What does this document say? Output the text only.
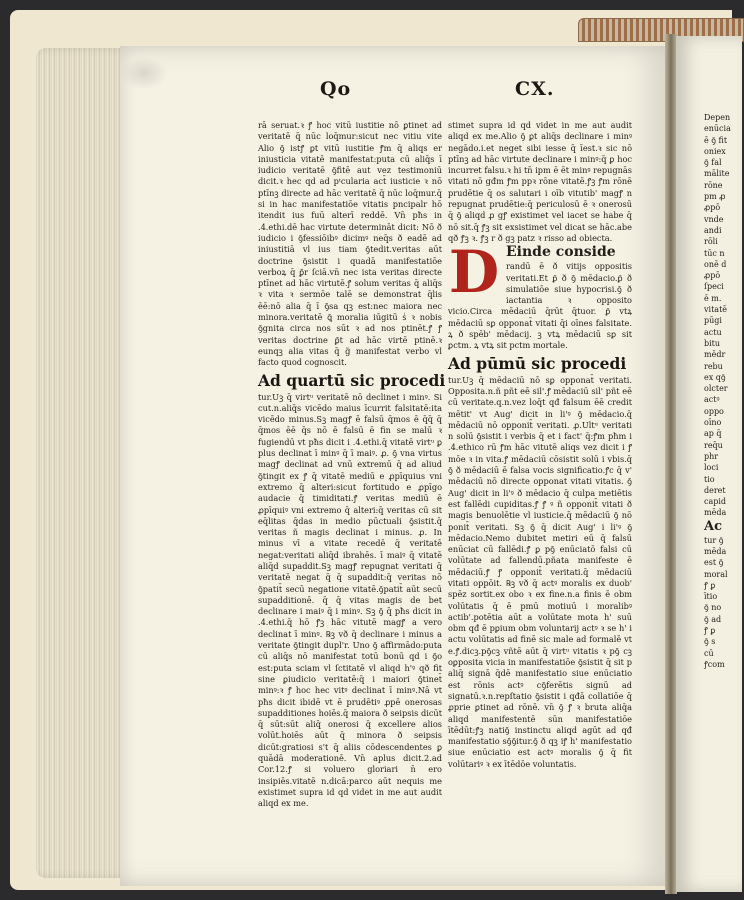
Qo	CX.

rā seruat.ꝛ ꝭ hoc vitū iustitie nō ꝑtinet ad veritatē q̄ nūc loq̄mur:sicut nec vitiu vite Alio ꝯ̄ istꝭ ꝑt vitū iustitie ꝭm q̄ aliqs er iniusticia vitatē manifestat:puta cū aliq̄s ī iudicio veritatē ꝯ̄fitē aut vez testimoniū dicit.ꝛ hec qd ad pᵗcularia act̄ iusticie ꝛ nō ptīnꝫ directe ad hāc veritatē q̄ nūc loq̄mur.q̄ si in hac manifestatiōe vitatis pncipalr hō itendit ius fuū alterī reddē. Vn̄ pħs in .4.ethi.dē hac virtute determināt dicit: Nō ð iudicio i ꝯ̄fessiōibꝰ dicimꝰ neq̄s ð eadē ad iniustitiā vl ius tiam ꝯ̄tedit.veritas aūt doctrine ꝯ̄sistit i quadā manifestatiōe verboꝝ q̄ ꝑ̄r ſciā.vn̄ nec ista veritas directe ptīnet ad hāc virtutē.ꝭ solum veritas q̄ aliq̄s ꝛ vita ꝛ sermōe talē se demonstrat q̄lis ēē:nō alia q̄ ī ꝯ̄sa qꝫ est:nec maiora nec minora.veritatē ꝗ̄ moralia iūgitū sᷝ ꝛ nobis ꝯ̄gnita circa nos sūt ꝛ ad nos ptinēt.ꝭ ꝭ veritas doctrine ꝑ̄t ad hāc virtē ptinē.ꝛ eunqꝫ alia vitas q̄ g̃ manifestat verbo vl facto quod cognoscit.

Ad quartū sic procedi

tur.Uꝫ q̄ virtᵘ veritatē nō declinet i minꝰ. Si cut.n.aliq̄s vicēdo maius īcurrit falsitatē:ita vicēdo minus.Sꝫ magꝭ ē falsū q̄mos ē q̄q̄ q̄ q̄mos ēē q̄s nō ē falsū ē fin se malū ꝛ fugiendū vt pħs dicit i .4.ethi.q̄ vitatē virtᵘ ꝑ plus declinat ī minꝰ q̄ ī maiꝰ. ꝓ. ꝯ̄ vna virtus magꝭ declinat ad vnū extremū q̄ ad aliud ꝯ̄tingit ex ꝭ q̄ vitatē mediū e ꝓpīquius vni extremo q̄ alteri:sicut fortitudo e ꝓpīgo audacie q̄ timiditati.ꝭ veritas mediū ē ꝓpīquiꝰ vni extremo q̄ alteri:q̄ veritas cū sit eq̄litas q̄das in medio pūctuali ꝯ̄sistit.q̄ veritas ñ magis declinat i minus. ꝓ. In minus vī a vitate recedē q̄ veritatē negat:veritati aliq̄d ibrahēs. ī maiꝰ q̄ vitatē aliq̄d supaddit.Sꝫ magꝭ repugnat veritati q̄ veritatē negat q̄ q̄ supaddit:q̄ veritas nō ꝯ̄patit̄ secū negatione vitatē.ꝯ̄patit̄ aūt secū supadditionē. q̄ q̄ vitas magis de bet declinare i maiꝰ q̄ i minꝰ. Sꝫ ꝯ̄ q̄ pħs dicit in .4.ethi.q̄ hō ꝭꝫ hāc vitutē magꝭ a vero declinat ī minꝰ. ℞ꝫ vð q̄ declinare i minus a veritate ꝯ̄tingit dupl'r. Uno ꝯ̄ affirmādo:puta cū aliq̄s nō manifestat totū bonū qd i ꝯ̄o est:puta sciam vl ſctitatē vl aliqd h'ꝰ qð fit sine ꝑiudicio veritatē:q̄ i maiori ꝯ̄tinet̄ minꝰ:ꝛ ꝭ hoc hec vitꝰ declinat ī minꝰ.Nā vt pħs dicit ibidē vt ē prudētiꝰ ꝓpē onerosas supadditiones hoiēs.q̄ maiora ð seipsis dicūt q̄ sūt:sūt aliq̄ onerosi q̄ excellere alios volūt.hoiēs aūt q̄ minora ð seipsis dicūt:gratiosi s't q̄ aliis cōdescendentes ꝑ quādā moderationē. Vn̄ aplus dicit.2.ad Cor.12.ꝭ si voluero gloriari n̄ ero insipiēs.vitatē n.dicā:parco aūt nequis me existimet supra id qd videt in me aut audit aliqd ex me.

stimet supra id qd videt in me aut audit aliqd ex me.Alio ꝯ̄ ꝑt aliq̄s declinare i minꝰ negādo.i.et neget sibi iesse q̄ īest.ꝛ sic nō ptīnꝫ ad hāc virtute declinare i minꝰ:q̄ ꝑ hoc incurret falsu.ꝛ hi tn̄ ipm ē ēt minꝰ repugnās vitati nō gđm ꝭm ppꝛ rōne vitatē.ꝭꝫ ꝭm rōnē prudētie q̄ os salutari i oīb vitutib' magꝭ n repugnat prudētie:q̄ periculosū ē ꝛ onerosū q̄ ꝯ̄ aliqd ꝓ gꝭ existimet vel iacet se habe q̄ nō sit.q̄ ꝭꝫ sit exsistimet vel dicat se hāc.abe qð ꝭꝫ ꝛ. ꝭꝫ r ð gꝫ patz ꝛ risso ad obiecta.

D Einde conside
randū ē ð vitijs oppositis veritati.Et ꝑ̄ ð ꝯ̄ mēdacio.ꝑ̄ ð simulatiōe siue hypocrisi.ꝯ̄ ð iactantia ꝛ opposito vicio.Circa mēdaciū q̄rūt q̄tuor. ꝑ̄ vtꝝ mēdaciū sꝑ opponat̄ vitati q̄i oīnes falsitate. ꝝ ð spēb' mēdacij. ꝫ vtꝝ mēdaciū sꝑ sit ꝑctm. ꝝ vtꝝ sit pctm mortale.
Ad pūmū sic procedi

tur.Uꝫ q̄ mēdaciū nō sꝑ opponat̄ veritati. Opposita.n.ñ pñt eē sil'.ꝭ mēdaciū sil' pñt eē cū veritate.q.n.vez loq̄t qđ falsum ēē credit mētit' vt Aug' dicit in li'ꝰ ꝯ̄ mēdacio.q̄ mēdaciū nō opponit̄ veritati. ꝓ.Ultᵘ veritati n solū ꝯ̄sistit i verbis q̄ et i fact' q̄:ꝭm pħm i .4.ethico rū ꝭm hāc vitutē aliqs vez dicit i ꝭ mōe ꝛ in vita.ꝭ mēdaciū cōsistit solū i vbis.q̄ ꝯ̄ ð mēdaciū ē falsa vocis significatio.ꝭc q̄ v' mēdaciū nō directe opponat vitati vitatis. ꝯ̄ Aug' dicit in li'ꝰ ð mēdacio q̄ culpa metiētis est fallēdi cupiditas.ꝭ ꝭ ꝰ ñ opponit̄ vitati ð magis benuolētie vl iusticie.q̄ mēdaciū ꝯ̄ nō ponit̄ veritati. Sꝫ ꝯ̄ q̄ dicit Aug' i li'ꝰ ꝯ̄ mēdacio.Nemo dubitet metiri eū q̄ falsū enūciat cū fallēdi.ꝭ ꝑ pꝯ̄ enūciatō falsi cū volūtate ad fallendū.pñata manifeste ē mēdaciū.ꝭ ꝭ opponit̄ veritati.q̄ mēdaciū vitati oppōit. ℞ꝫ vð q̄ actꝰ moralis ex duob' spēz sortit.ex obo ꝛ ex fine.n.a finis ē obm volūtatis q̄ ē pmū motiuū i moralibꝰ actib'.potētia aūt a volūtate mota h' suū obm qđ ē pꝑium obm voluntarij actꝰ ꝛ se h' i actu volūtatis ad finē sic male ad formalē vt e.ꝭ.dicꝫ.pꝯ̄cꝫ vñtē aūt q̄ virtᵘ vitatis ꝛ pꝯ̄ cꝫ oꝑposita vicia in manifestatiōe ꝯ̄sistit q̄ sit p aliq̄ signā q̄dē manifestatio siue enūciatio est rōnis actꝰ cꝯ̄ferētis signū ad signatū.ꝛ.n.repſtatio ꝯ̄sistit i qđā collatiōe q̄ ꝓprie ꝑtinet ad rōnē. vn̄ ꝯ̄ ꝭ ꝛ bruta aliq̄a aliqd manifestentē sūn manifestatiōe ītēdūt:ꝭꝫ natiꝯ̄ instinctu aliqd agūt ad qđ manifestatio sꝯ̄ꝯ̄itur.ꝯ̄ ð qꝫ iꝭ h' manifestatio siue enūciatio est actꝰ moralis ꝯ̄ q̄ fit volūtariꝰ ꝛ ex ītēdōe voluntatis.

Depen
enūcia
ē ꝯ̄ fit
oniex
ꝯ̄ fal
mālite
rōne
pm ꝓ
ꝓpō
vnde
andi
rōli
tūc n
onē d
ꝓpō
ſpeci
ē m.
vitatē
pūgi
actu
bitu
mēdr
rebu
ex qꝯ̄
olcter
actꝰ
oppo
oīno
ap q̄
req̄u
phr
loci
tio
deret
capid
mēda
Ac
tur ꝯ̄
mēda
est ꝯ̄
moral
ꝭ ꝑ
ītio
ꝯ̄ no
ꝯ̄ ad
ꝭ ꝑ
ꝯ̄ s
cū
ꝭcom
